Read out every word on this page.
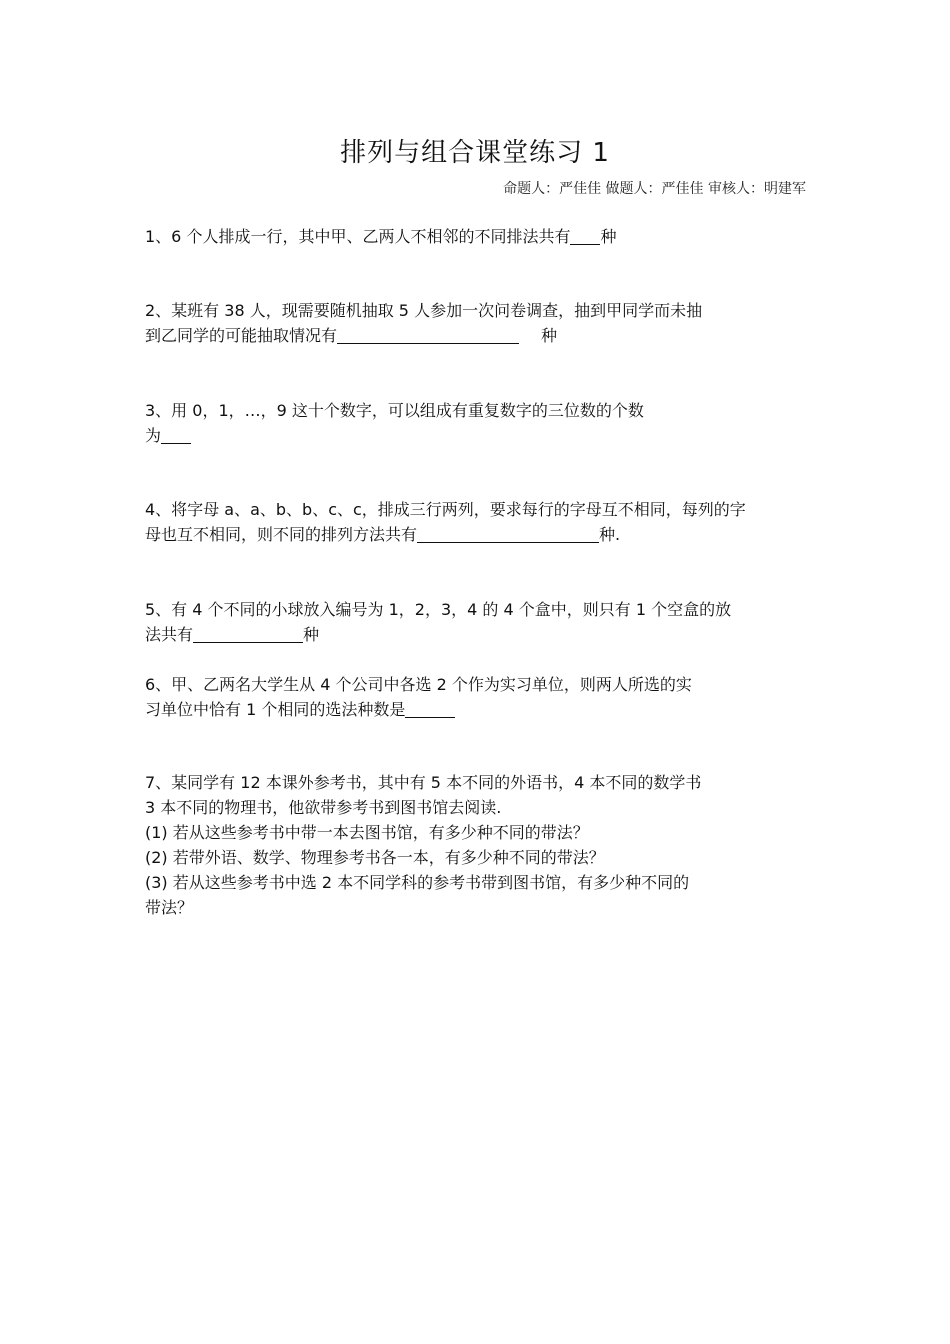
排列与组合课堂练习 1
命题人：严佳佳 做题人：严佳佳 审核人：明建军
1、6 个人排成一行，其中甲、乙两人不相邻的不同排法共有 种
2、某班有 38 人，现需要随机抽取 5 人参加一次问卷调查，抽到甲同学而未抽
到乙同学的可能抽取情况有	种
3、用 0，1，…，9 这十个数字，可以组成有重复数字的三位数的个数
为
4、将字母 a、a、b、b、c、c，排成三行两列，要求每行的字母互不相同，每列的字
母也互不相同，则不同的排列方法共有	种.
5、有 4 个不同的小球放入编号为 1，2，3，4 的 4 个盒中，则只有 1 个空盒的放
法共有	种
6、甲、乙两名大学生从 4 个公司中各选 2 个作为实习单位，则两人所选的实
习单位中恰有 1 个相同的选法种数是
7、某同学有 12 本课外参考书，其中有 5 本不同的外语书，4 本不同的数学书
3 本不同的物理书，他欲带参考书到图书馆去阅读.
(1) 若从这些参考书中带一本去图书馆，有多少种不同的带法？
(2) 若带外语、数学、物理参考书各一本，有多少种不同的带法？
(3) 若从这些参考书中选 2 本不同学科的参考书带到图书馆，有多少种不同的
带法？
